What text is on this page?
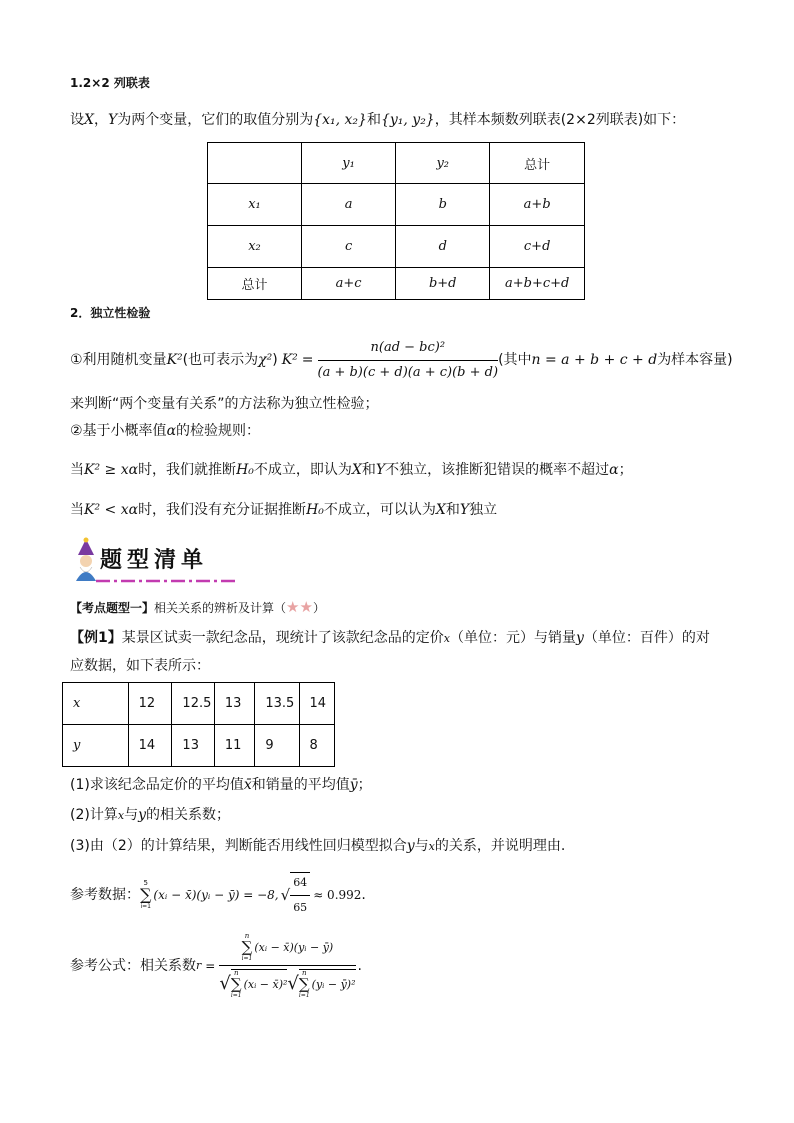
1.2×2 列联表
设X，Y为两个变量，它们的取值分别为{x₁, x₂}和{y₁, y₂}，其样本频数列联表(2×2列联表)如下：
	y₁	y₂	总计
x₁	a	b	a+b
x₂	c	d	c+d
总计	a+c	b+d	a+b+c+d
2．独立性检验
①利用随机变量 K² (也可表示为 χ² ) $K^2 = \frac{\text{n(ad − bc)²}}{(a + b)(c + d)(a + c)(b + d)}$ (其中 n = a + b + c + d 为样本容量)
来判断“两个变量有关系”的方法称为独立性检验；
②基于小概率值α的检验规则：
当K² ≥ xα时，我们就推断H₀不成立，即认为X和Y不独立，该推断犯错误的概率不超过α；
当K² < xα时，我们没有充分证据推断H₀不成立，可以认为X和Y独立
题型清单
【考点题型一】相关关系的辨析及计算（★★）
【例1】某景区试卖一款纪念品，现统计了该款纪念品的定价x（单位：元）与销量y（单位：百件）的对
应数据，如下表所示：
x	12	12.5	13	13.5	14
y	14	13	11	9	8
(1)求该纪念品定价的平均值x̄和销量的平均值ȳ；
(2)计算x与y的相关系数；
(3)由（2）的计算结果，判断能否用线性回归模型拟合y与x的关系，并说明理由.
参考数据：
5
∑
i=1
(xᵢ − x̄)(yᵢ − ȳ) = −8, √ $\frac{64}{65} \approx 0.992$ .
参考公式：相关系数 r =
n
∑
i=1
(xᵢ − x̄)(yᵢ − ȳ)
√ n
∑
i=1
(xᵢ − x̄)² √ n
∑
i=1
(yᵢ − ȳ)²
.
